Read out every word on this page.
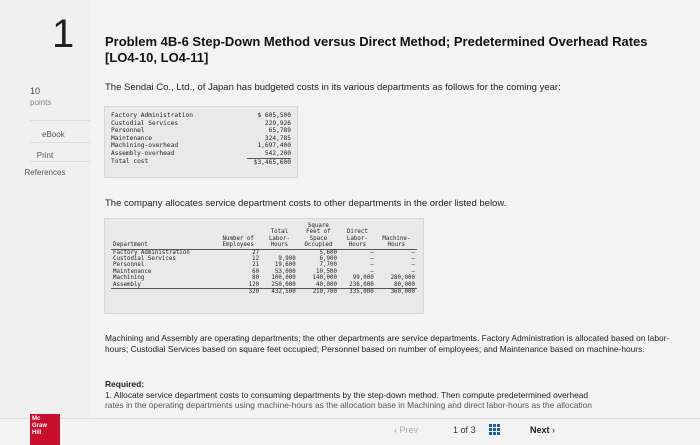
1
10
points
eBook
Print
References
Problem 4B-6 Step-Down Method versus Direct Method; Predetermined Overhead Rates [LO4-10, LO4-11]
The Sendai Co., Ltd., of Japan has budgeted costs in its various departments as follows for the coming year:
Factory Administration	$ 605,500
Custodial Services	229,926
Personnel	65,789
Maintenance	324,785
Machining-overhead	1,697,400
Assembly-overhead	542,200
Total cost	$3,465,600
The company allocates service department costs to other departments in the order listed below.
			Square		
		Total	Feet of	Direct	
	Number of	Labor-	Space	Labor-	Machine-
Department	Employees	Hours	Occupied	Hours	Hours
Factory Administration	27		5,600	—	—
Custodial Services	12	9,900	6,900	—	—
Personnel	21	19,600	7,700	—	—
Maintenance	60	53,000	10,500	—	—
Machining	80	100,000	140,000	99,000	280,000
Assembly	120	250,000	40,000	236,000	80,000
	320	432,500	210,700	335,000	360,000
Machining and Assembly are operating departments; the other departments are service departments. Factory Administration is allocated based on labor-hours; Custodial Services based on square feet occupied; Personnel based on number of employees; and Maintenance based on machine-hours.
Required:
1. Allocate service department costs to consuming departments by the step-down method. Then compute predetermined overhead
rates in the operating departments using machine-hours as the allocation base in Machining and direct labor-hours as the allocation
Mc
Graw
Hill	‹ Prev	1 of 3	Next ›
